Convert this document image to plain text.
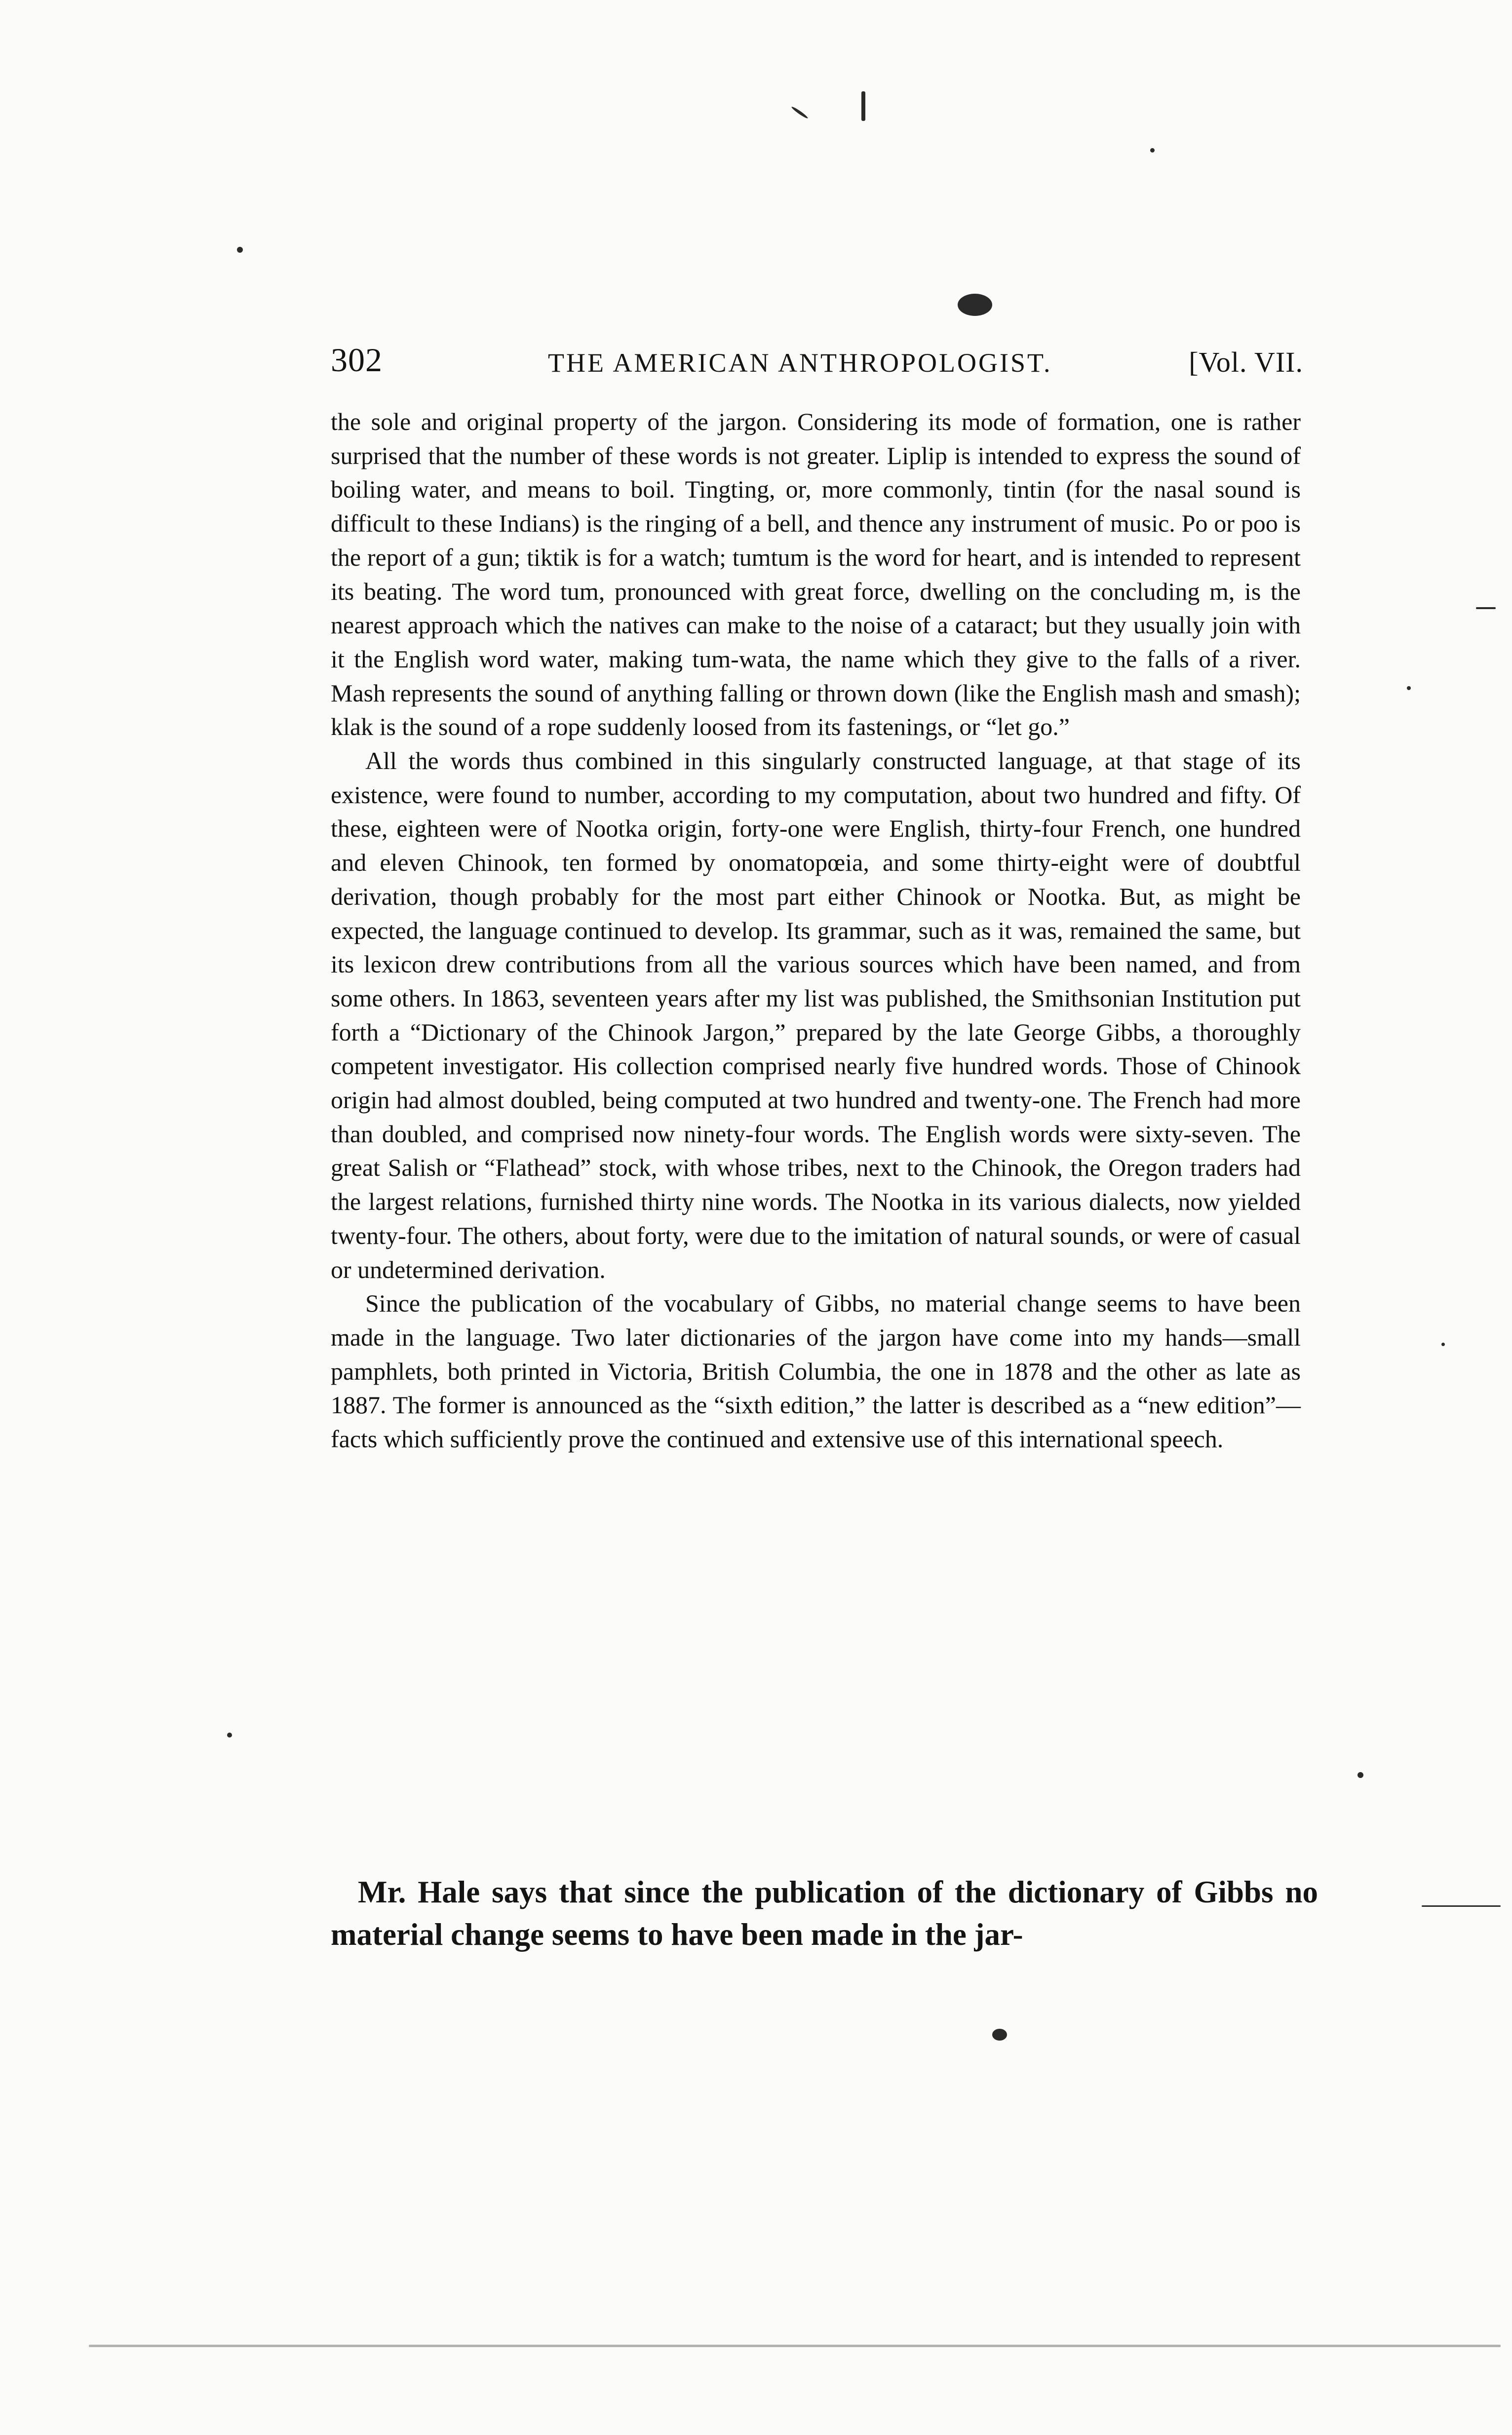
302	THE AMERICAN ANTHROPOLOGIST.	[Vol. VII.

the sole and original property of the jargon. Considering its mode of formation, one is rather surprised that the number of these words is not greater. Liplip is intended to express the sound of boiling water, and means to boil. Tingting, or, more commonly, tintin (for the nasal sound is difficult to these Indians) is the ringing of a bell, and thence any instrument of music. Po or poo is the report of a gun; tiktik is for a watch; tumtum is the word for heart, and is intended to represent its beating. The word tum, pronounced with great force, dwelling on the concluding m, is the nearest approach which the natives can make to the noise of a cataract; but they usually join with it the English word water, making tum-wata, the name which they give to the falls of a river. Mash represents the sound of anything falling or thrown down (like the English mash and smash); klak is the sound of a rope suddenly loosed from its fastenings, or “let go.”

All the words thus combined in this singularly constructed language, at that stage of its existence, were found to number, according to my computation, about two hundred and fifty. Of these, eighteen were of Nootka origin, forty-one were English, thirty-four French, one hundred and eleven Chinook, ten formed by onomatopœia, and some thirty-eight were of doubtful derivation, though probably for the most part either Chinook or Nootka. But, as might be expected, the language continued to develop. Its grammar, such as it was, remained the same, but its lexicon drew contributions from all the various sources which have been named, and from some others. In 1863, seventeen years after my list was published, the Smithsonian Institution put forth a “Dictionary of the Chinook Jargon,” prepared by the late George Gibbs, a thoroughly competent investigator. His collection comprised nearly five hundred words. Those of Chinook origin had almost doubled, being computed at two hundred and twenty-one. The French had more than doubled, and comprised now ninety-four words. The English words were sixty-seven. The great Salish or “Flathead” stock, with whose tribes, next to the Chinook, the Oregon traders had the largest relations, furnished thirty nine words. The Nootka in its various dialects, now yielded twenty-four. The others, about forty, were due to the imitation of natural sounds, or were of casual or undetermined derivation.

Since the publication of the vocabulary of Gibbs, no material change seems to have been made in the language. Two later dictionaries of the jargon have come into my hands—small pamphlets, both printed in Victoria, British Columbia, the one in 1878 and the other as late as 1887. The former is announced as the “sixth edition,” the latter is described as a “new edition”—facts which sufficiently prove the continued and extensive use of this international speech.

Mr. Hale says that since the publication of the dictionary of Gibbs no material change seems to have been made in the jar-
